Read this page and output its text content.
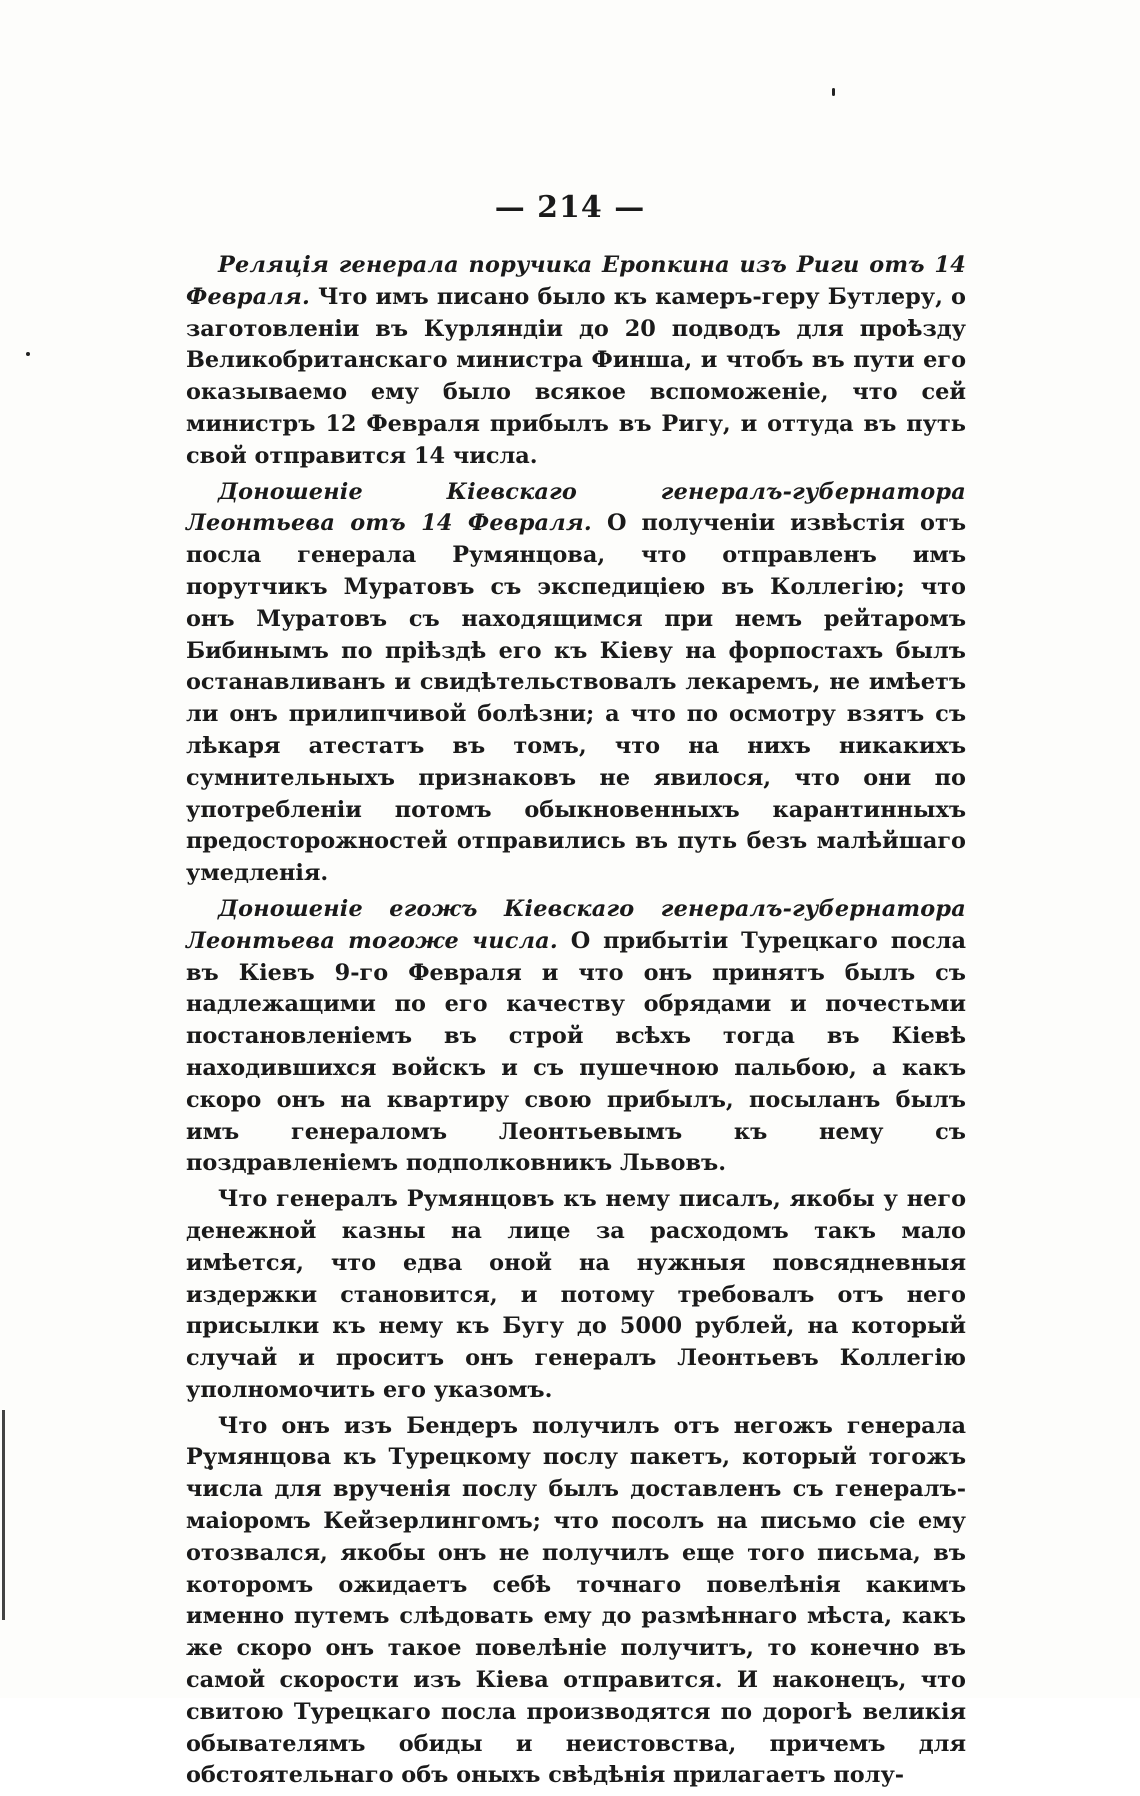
— 214 —

Реляція генерала поручика Еропкина изъ Риги отъ 14 Февраля. Что имъ писано было къ камеръ-геру Бутлеру, о заготовленіи въ Курляндіи до 20 подводъ для проѣзду Великобританскаго министра Финша, и чтобъ въ пути его оказываемо ему было всякое вспоможеніе, что сей министръ 12 Февраля прибылъ въ Ригу, и оттуда въ путь свой отправится 14 числа.

Доношеніе Кіевскаго генералъ-губернатора Леонтьева отъ 14 Февраля. О полученіи извѣстія отъ посла генерала Румянцова, что отправленъ имъ порутчикъ Муратовъ съ экспедиціею въ Коллегію; что онъ Муратовъ съ находящимся при немъ рейтаромъ Бибинымъ по пріѣздѣ его къ Кіеву на форпостахъ былъ останавливанъ и свидѣтельствовалъ лекаремъ, не имѣетъ ли онъ прилипчивой болѣзни; а что по осмотру взятъ съ лѣкаря атестатъ въ томъ, что на нихъ никакихъ сумнительныхъ признаковъ не явилося, что они по употребленіи потомъ обыкновенныхъ карантинныхъ предосторожностей отправились въ путь безъ малѣйшаго умедленія.

Доношеніе егожъ Кіевскаго генералъ-губернатора Леонтьева тогоже числа. О прибытіи Турецкаго посла въ Кіевъ 9-го Февраля и что онъ принятъ былъ съ надлежащими по его качеству обрядами и почестьми постановленіемъ въ строй всѣхъ тогда въ Кіевѣ находившихся войскъ и съ пушечною пальбою, а какъ скоро онъ на квартиру свою прибылъ, посыланъ былъ имъ генераломъ Леонтьевымъ къ нему съ поздравленіемъ подполковникъ Львовъ.

Что генералъ Румянцовъ къ нему писалъ, якобы у него денежной казны на лице за расходомъ такъ мало имѣется, что едва оной на нужныя повсядневныя издержки становится, и потому требовалъ отъ него присылки къ нему къ Бугу до 5000 рублей, на который случай и проситъ онъ генералъ Леонтьевъ Коллегію уполномочить его указомъ.

Что онъ изъ Бендеръ получилъ отъ негожъ генерала Румянцова къ Турецкому послу пакетъ, который тогожъ числа для врученія послу былъ доставленъ съ генералъ-маіоромъ Кейзерлингомъ; что посолъ на письмо сіе ему отозвался, якобы онъ не получилъ еще того письма, въ которомъ ожидаетъ себѣ точнаго повелѣнія какимъ именно путемъ слѣдовать ему до размѣннаго мѣста, какъ же скоро онъ такое повелѣніе получитъ, то конечно въ самой скорости изъ Кіева отправится. И наконецъ, что свитою Турецкаго посла производятся по дорогѣ великія обывателямъ обиды и неистовства, причемъ для обстоятельнаго объ оныхъ свѣдѣнія прилагаетъ полу-
